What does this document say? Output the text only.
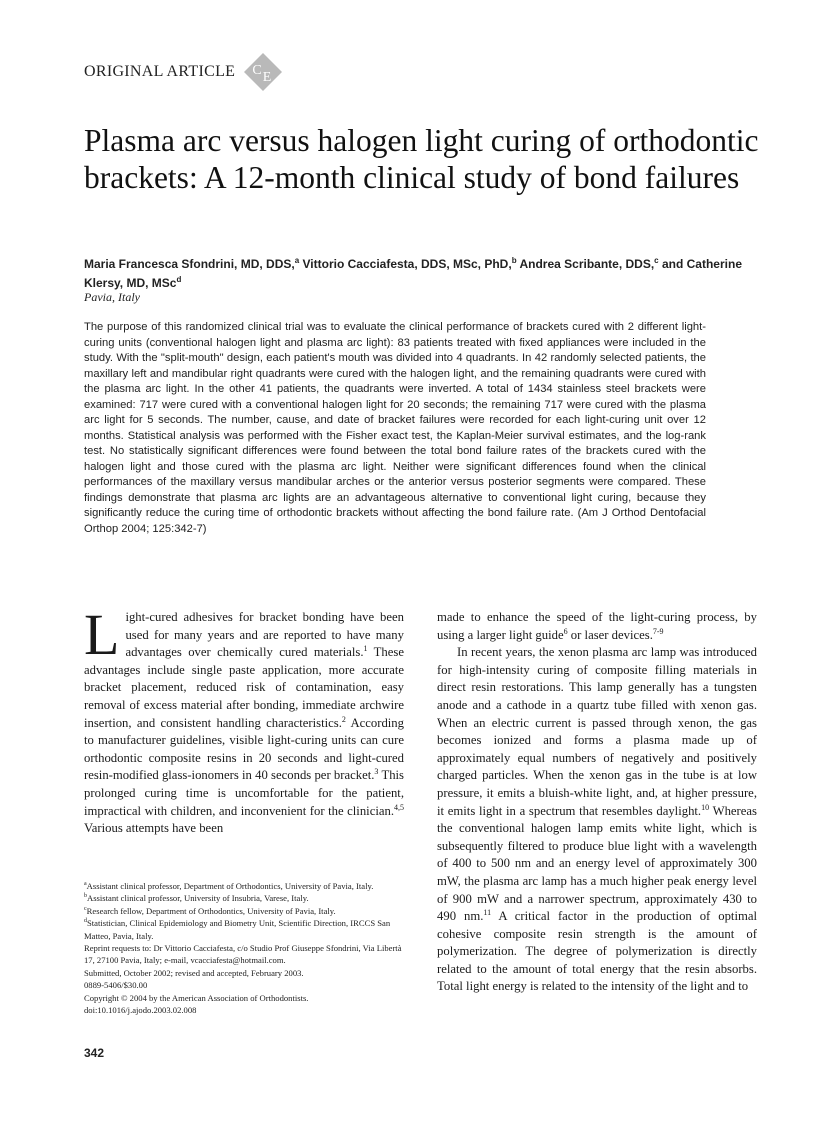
ORIGINAL ARTICLE C E
Plasma arc versus halogen light curing of orthodontic brackets: A 12-month clinical study of bond failures
Maria Francesca Sfondrini, MD, DDS,$^a$ Vittorio Cacciafesta, DDS, MSc, PhD,$^b$ Andrea Scribante, DDS,$^c$ and Catherine Klersy, MD, MSc$^d$
Pavia, Italy

The purpose of this randomized clinical trial was to evaluate the clinical performance of brackets cured with 2 different light-curing units (conventional halogen light and plasma arc light): 83 patients treated with fixed appliances were included in the study. With the "split-mouth" design, each patient's mouth was divided into 4 quadrants. In 42 randomly selected patients, the maxillary left and mandibular right quadrants were cured with the halogen light, and the remaining quadrants were cured with the plasma arc light. In the other 41 patients, the quadrants were inverted. A total of 1434 stainless steel brackets were examined: 717 were cured with a conventional halogen light for 20 seconds; the remaining 717 were cured with the plasma arc light for 5 seconds. The number, cause, and date of bracket failures were recorded for each light-curing unit over 12 months. Statistical analysis was performed with the Fisher exact test, the Kaplan-Meier survival estimates, and the log-rank test. No statistically significant differences were found between the total bond failure rates of the brackets cured with the halogen light and those cured with the plasma arc light. Neither were significant differences found when the clinical performances of the maxillary versus mandibular arches or the anterior versus posterior segments were compared. These findings demonstrate that plasma arc lights are an advantageous alternative to conventional light curing, because they significantly reduce the curing time of orthodontic brackets without affecting the bond failure rate. (Am J Orthod Dentofacial Orthop 2004; 125:342-7)

Light-cured adhesives for bracket bonding have been used for many years and are reported to have many advantages over chemically cured materials.$^1$ These advantages include single paste application, more accurate bracket placement, reduced risk of contamination, easy removal of excess material after bonding, immediate archwire insertion, and consistent handling characteristics.$^2$ According to manufacturer guidelines, visible light-curing units can cure orthodontic composite resins in 20 seconds and light-cured resin-modified glass-ionomers in 40 seconds per bracket.$^3$ This prolonged curing time is uncomfortable for the patient, impractical with children, and inconvenient for the clinician.$^{4,5}$ Various attempts have been

made to enhance the speed of the light-curing process, by using a larger light guide$^6$ or laser devices.$^{7-9}$

In recent years, the xenon plasma arc lamp was introduced for high-intensity curing of composite filling materials in direct resin restorations. This lamp generally has a tungsten anode and a cathode in a quartz tube filled with xenon gas. When an electric current is passed through xenon, the gas becomes ionized and forms a plasma made up of approximately equal numbers of negatively and positively charged particles. When the xenon gas in the tube is at low pressure, it emits a bluish-white light, and, at higher pressure, it emits light in a spectrum that resembles daylight.$^{10}$ Whereas the conventional halogen lamp emits white light, which is subsequently filtered to produce blue light with a wavelength of 400 to 500 nm and an energy level of approximately 300 mW, the plasma arc lamp has a much higher peak energy level of 900 mW and a narrower spectrum, approximately 430 to 490 nm.$^{11}$ A critical factor in the production of optimal cohesive composite resin strength is the amount of polymerization. The degree of polymerization is directly related to the amount of total energy that the resin absorbs. Total light energy is related to the intensity of the light and to

$^a$Assistant clinical professor, Department of Orthodontics, University of Pavia, Italy.
$^b$Assistant clinical professor, University of Insubria, Varese, Italy.
$^c$Research fellow, Department of Orthodontics, University of Pavia, Italy.
$^d$Statistician, Clinical Epidemiology and Biometry Unit, Scientific Direction, IRCCS San Matteo, Pavia, Italy.
Reprint requests to: Dr Vittorio Cacciafesta, c/o Studio Prof Giuseppe Sfondrini, Via Libertà 17, 27100 Pavia, Italy; e-mail, vcacciafesta@hotmail.com.
Submitted, October 2002; revised and accepted, February 2003.
0889-5406/$30.00
Copyright © 2004 by the American Association of Orthodontists.
doi:10.1016/j.ajodo.2003.02.008
342
